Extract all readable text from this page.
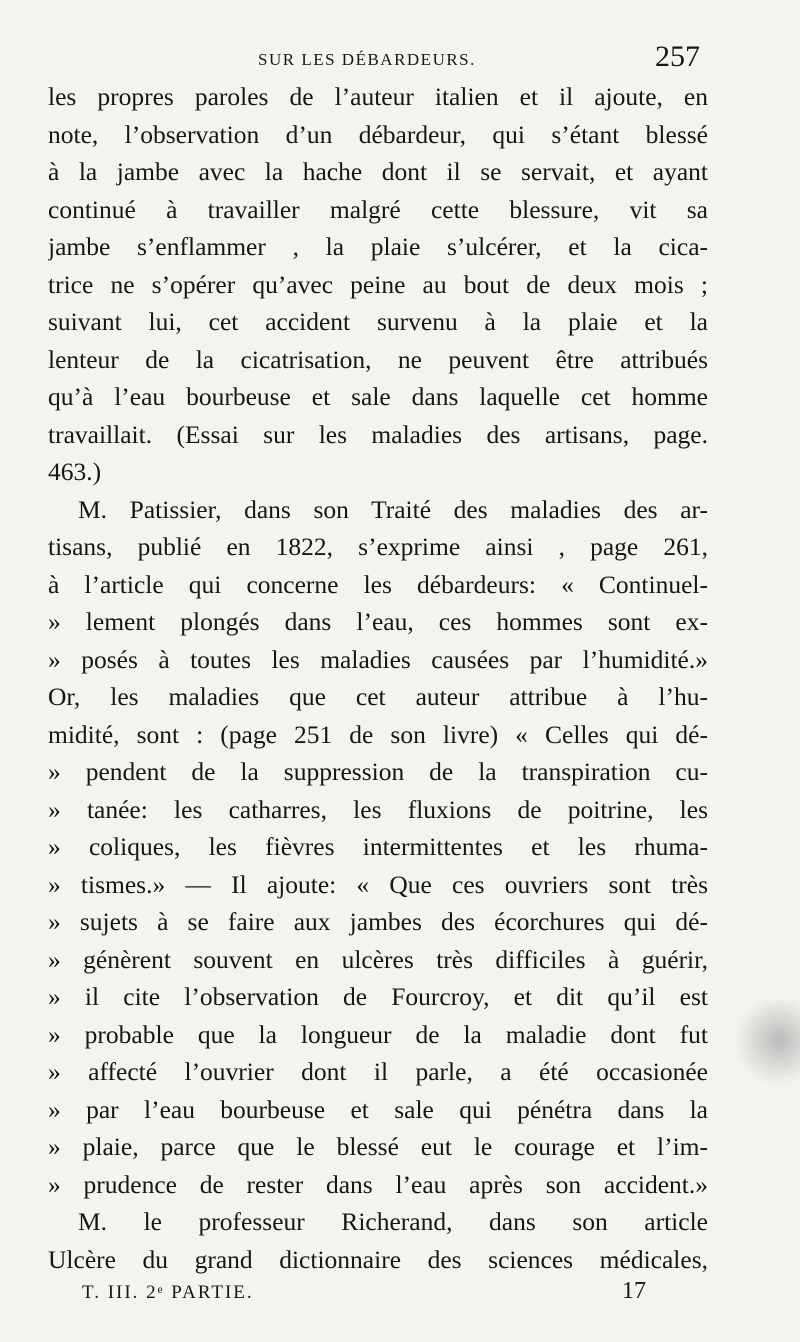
SUR LES DÉBARDEURS.	257
les propres paroles de l’auteur italien et il ajoute, en
note, l’observation d’un débardeur, qui s’étant blessé
à la jambe avec la hache dont il se servait, et ayant
continué à travailler malgré cette blessure, vit sa
jambe s’enflammer , la plaie s’ulcérer, et la cica-
trice ne s’opérer qu’avec peine au bout de deux mois ;
suivant lui, cet accident survenu à la plaie et la
lenteur de la cicatrisation, ne peuvent être attribués
qu’à l’eau bourbeuse et sale dans laquelle cet homme
travaillait. (Essai sur les maladies des artisans, page.
463.)
M. Patissier, dans son Traité des maladies des ar-
tisans, publié en 1822, s’exprime ainsi , page 261,
à l’article qui concerne les débardeurs: « Continuel-
» lement plongés dans l’eau, ces hommes sont ex-
» posés à toutes les maladies causées par l’humidité.»
Or, les maladies que cet auteur attribue à l’hu-
midité, sont : (page 251 de son livre) « Celles qui dé-
» pendent de la suppression de la transpiration cu-
» tanée: les catharres, les fluxions de poitrine, les
» coliques, les fièvres intermittentes et les rhuma-
» tismes.» — Il ajoute: « Que ces ouvriers sont très
» sujets à se faire aux jambes des écorchures qui dé-
» génèrent souvent en ulcères très difficiles à guérir,
» il cite l’observation de Fourcroy, et dit qu’il est
» probable que la longueur de la maladie dont fut
» affecté l’ouvrier dont il parle, a été occasionée
» par l’eau bourbeuse et sale qui pénétra dans la
» plaie, parce que le blessé eut le courage et l’im-
» prudence de rester dans l’eau après son accident.»
M. le professeur Richerand, dans son article
Ulcère du grand dictionnaire des sciences médicales,
T. III. 2ᵉ PARTIE.	17
